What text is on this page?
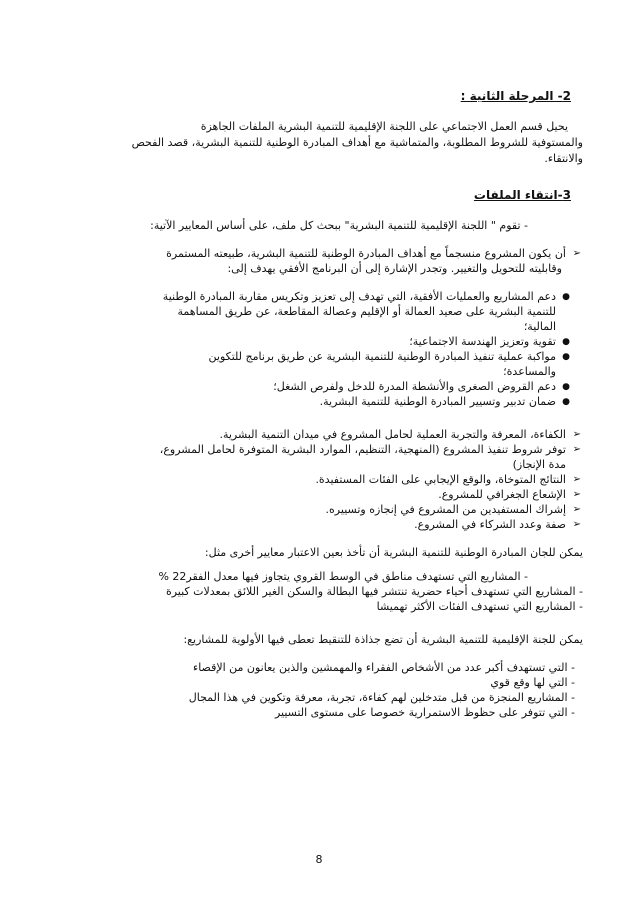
2- المرحلة الثانية :
يحيل قسم العمل الاجتماعي على اللجنة الإقليمية للتنمية البشرية الملفات الجاهزة
والمستوفية للشروط المطلوبة، والمتماشية مع أهداف المبادرة الوطنية للتنمية البشرية، قصد الفحص
والانتقاء.
3-انتقاء الملفات
- تقوم " اللجنة الإقليمية للتنمية البشرية" ببحث كل ملف، على أساس المعايير الآتية:
➢
أن يكون المشروع منسجماً مع أهداف المبادرة الوطنية للتنمية البشرية، طبيعته المستمرة
وقابليته للتحويل والتغيير. وتجدر الإشارة إلى أن البرنامج الأفقي يهدف إلى:
●
دعم المشاريع والعمليات الأفقية، التي تهدف إلى تعزيز وتكريس مقاربة المبادرة الوطنية
للتنمية البشرية على صعيد العمالة أو الإقليم وعصالة المقاطعة، عن طريق المساهمة
المالية؛
●
تقوية وتعزيز الهندسة الاجتماعية؛
●
مواكبة عملية تنفيذ المبادرة الوطنية للتنمية البشرية عن طريق برنامج للتكوين
والمساعدة؛
●
دعم القروض الصغرى والأنشطة المدرة للدخل ولفرص الشغل؛
●
ضمان تدبير وتسيير المبادرة الوطنية للتنمية البشرية.
➢
الكفاءة، المعرفة والتجربة العملية لحامل المشروع في ميدان التنمية البشرية.
➢
توفر شروط تنفيذ المشروع (المنهجية، التنظيم، الموارد البشرية المتوفرة لحامل المشروع،
مدة الإنجاز)
➢
النتائج المتوخاة، والوقع الإيجابي على الفئات المستفيدة.
➢
الإشعاع الجغرافي للمشروع.
➢
إشراك المستفيدين من المشروع في إنجازه وتسييره.
➢
صفة وعدد الشركاء في المشروع.
يمكن للجان المبادرة الوطنية للتنمية البشرية أن تأخذ بعين الاعتبار معايير أخرى مثل:
- المشاريع التي تستهدف مناطق في الوسط القروي يتجاوز فيها معدل الفقر22 %
- المشاريع التي تستهدف أحياء حضرية تنتشر فيها البطالة والسكن الغير اللائق بمعدلات كبيرة
- المشاريع التي تستهدف الفئات الأكثر تهميشا
يمكن للجنة الإقليمية للتنمية البشرية أن تضع جذاذة للتنقيط تعطى فيها الأولوية للمشاريع:
- التي تستهدف أكبر عدد من الأشخاص الفقراء والمهمشين والذين يعانون من الإقصاء
- التي لها وقع قوي
- المشاريع المنجزة من قبل متدخلين لهم كفاءة، تجربة، معرفة وتكوين في هذا المجال
- التي تتوفر على حظوظ الاستمرارية خصوصا على مستوى التسيير
8
